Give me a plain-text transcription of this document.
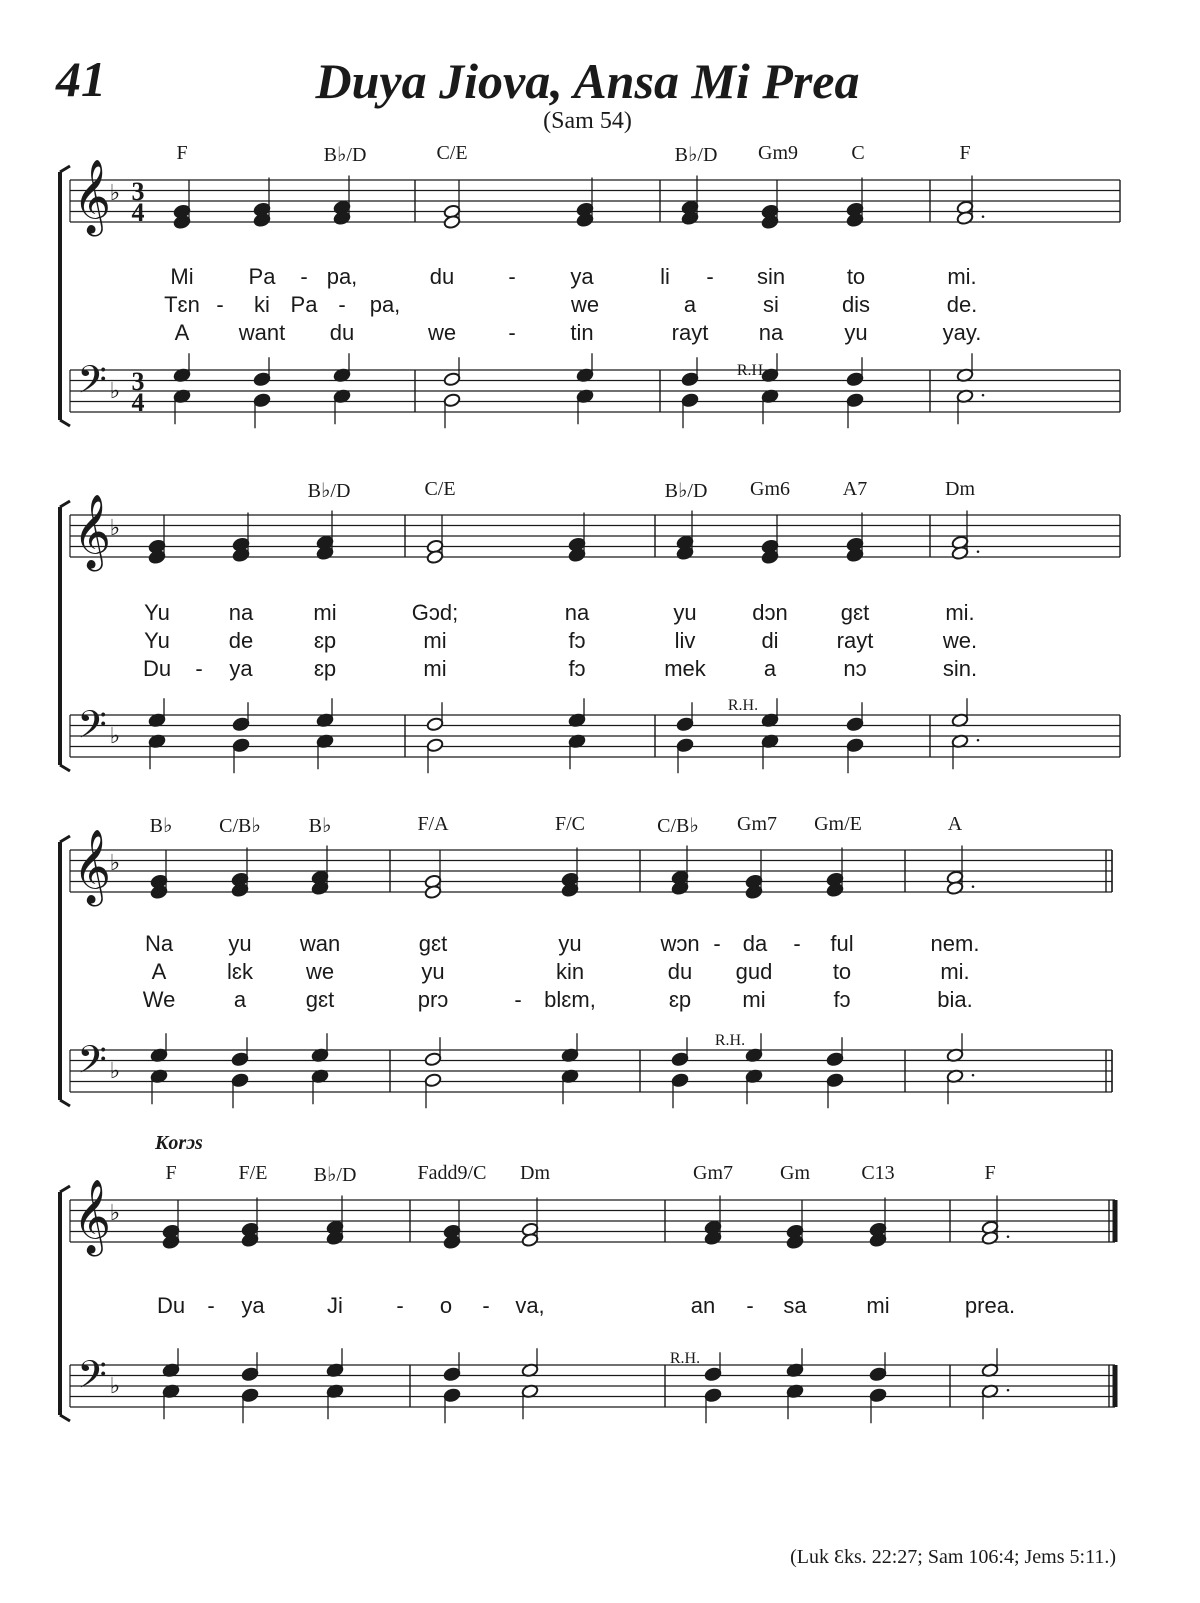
41	Duya Jiova, Ansa Mi Prea
(Sam 54)
𝄞
♭ 3
4
𝄢 ♭ 3
4
.
.
𝄞
♭
𝄢 ♭
.
.
𝄞
♭
𝄢 ♭
.
.
𝄞
♭
𝄢 ♭
.
.
(Luk Ɛks. 22:27; Sam 106:4; Jems 5:11.)
F	B♭/D	C/E	B♭/D Gm9	C	F
Mi Pa - pa,	du - ya	li - sin	to	mi.
Tɛn - ki Pa - pa,	we	a	si	dis	de.
A want du	we - tin	rayt na	yu	yay.
R.H.
B♭/D	C/E	B♭/D Gm6	A7	Dm
Yu	na	mi	Gɔd;	na	yu	dɔn gɛt	mi.
Yu	de	ɛp	mi	fɔ	liv	di	rayt	we.
Du - ya	ɛp	mi	fɔ	mek	a	nɔ	sin.
R.H.
B♭ C/B♭ B♭	F/A	F/C	C/B♭ Gm7 Gm/E	A
Na	yu wan	gɛt	yu	wɔn - da - ful	nem.
A	lɛk we	yu	kin	du gud	to	mi.
We	a	gɛt	prɔ	- blɛm,	ɛp mi	fɔ	bia.
R.H.
F	F/E B♭/D	Fadd9/C Dm	Gm7 Gm	C13	F
Du - ya	Ji - o - va,	an - sa	mi	prea.
R.H.
Korɔs
